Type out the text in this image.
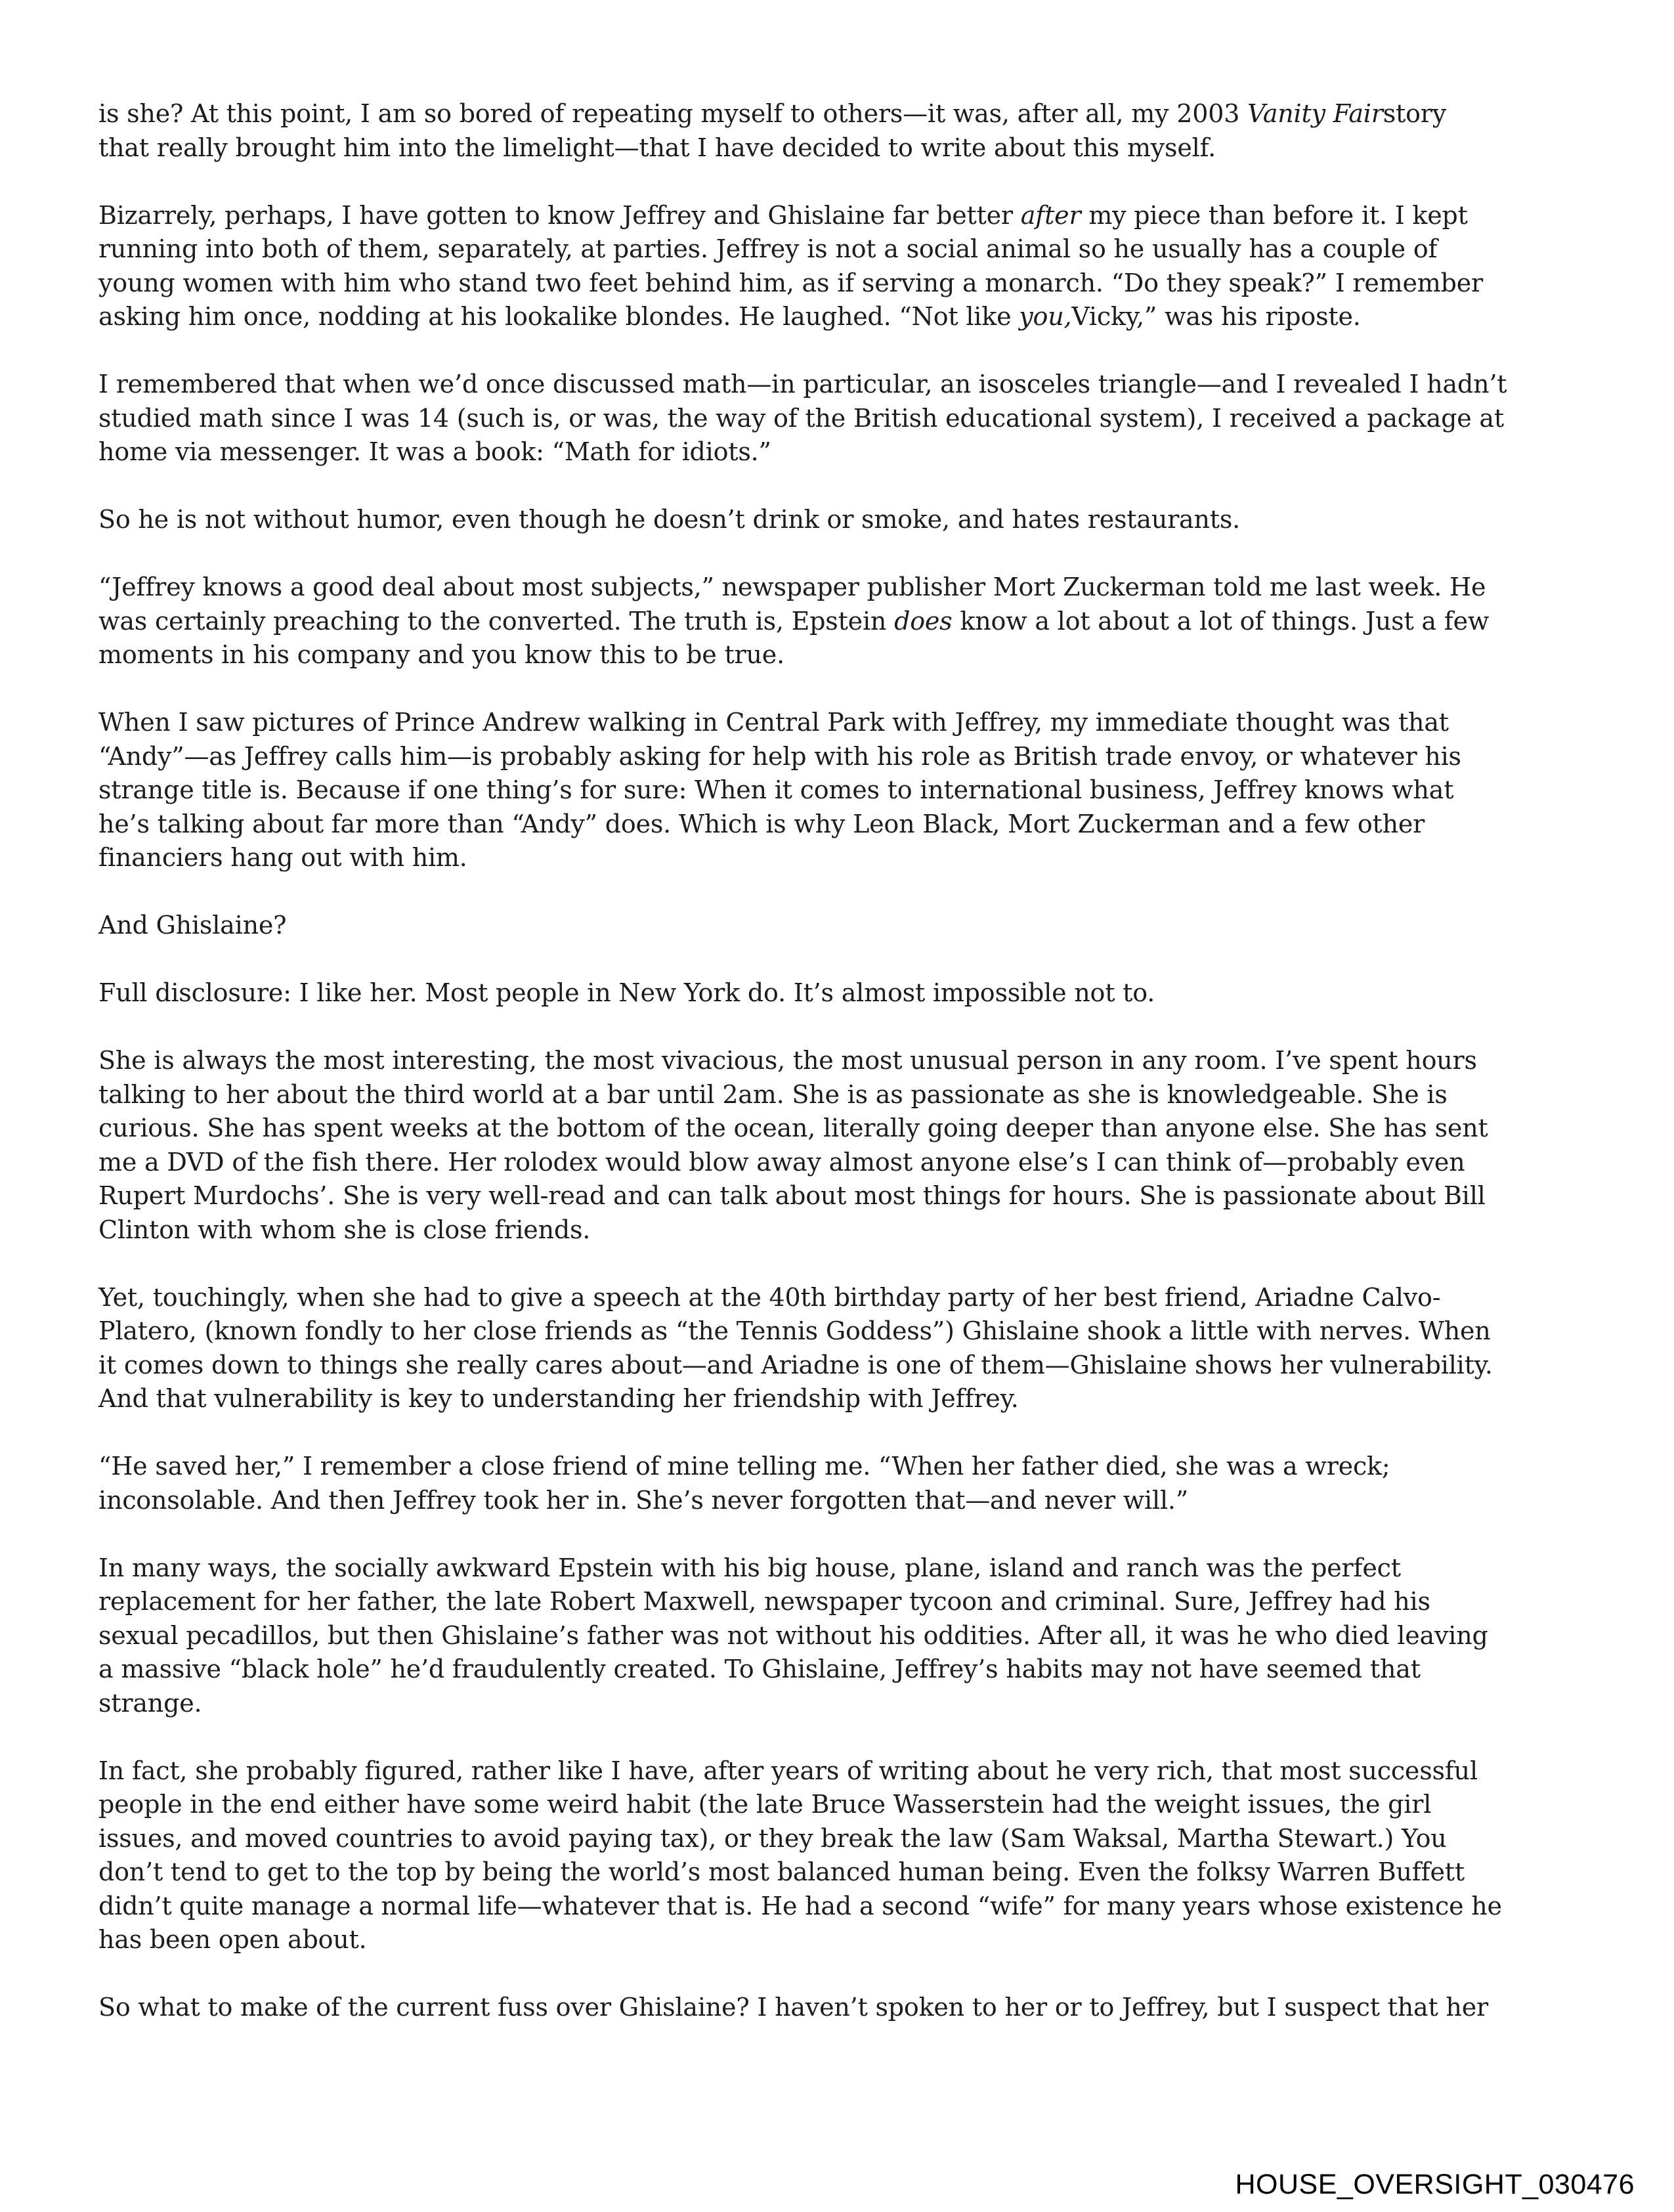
is she? At this point, I am so bored of repeating myself to others—it was, after all, my 2003 Vanity Fairstory
that really brought him into the limelight—that I have decided to write about this myself.

Bizarrely, perhaps, I have gotten to know Jeffrey and Ghislaine far better after my piece than before it. I kept
running into both of them, separately, at parties. Jeffrey is not a social animal so he usually has a couple of
young women with him who stand two feet behind him, as if serving a monarch. “Do they speak?” I remember
asking him once, nodding at his lookalike blondes. He laughed. “Not like you,Vicky,” was his riposte.

I remembered that when we’d once discussed math—in particular, an isosceles triangle—and I revealed I hadn’t
studied math since I was 14 (such is, or was, the way of the British educational system), I received a package at
home via messenger. It was a book: “Math for idiots.”

So he is not without humor, even though he doesn’t drink or smoke, and hates restaurants.

“Jeffrey knows a good deal about most subjects,” newspaper publisher Mort Zuckerman told me last week. He
was certainly preaching to the converted. The truth is, Epstein does know a lot about a lot of things. Just a few
moments in his company and you know this to be true.

When I saw pictures of Prince Andrew walking in Central Park with Jeffrey, my immediate thought was that
“Andy”—as Jeffrey calls him—is probably asking for help with his role as British trade envoy, or whatever his
strange title is. Because if one thing’s for sure: When it comes to international business, Jeffrey knows what
he’s talking about far more than “Andy” does. Which is why Leon Black, Mort Zuckerman and a few other
financiers hang out with him.

And Ghislaine?

Full disclosure: I like her. Most people in New York do. It’s almost impossible not to.

She is always the most interesting, the most vivacious, the most unusual person in any room. I’ve spent hours
talking to her about the third world at a bar until 2am. She is as passionate as she is knowledgeable. She is
curious. She has spent weeks at the bottom of the ocean, literally going deeper than anyone else. She has sent
me a DVD of the fish there. Her rolodex would blow away almost anyone else’s I can think of—probably even
Rupert Murdochs’. She is very well-read and can talk about most things for hours. She is passionate about Bill
Clinton with whom she is close friends.

Yet, touchingly, when she had to give a speech at the 40th birthday party of her best friend, Ariadne Calvo-
Platero, (known fondly to her close friends as “the Tennis Goddess”) Ghislaine shook a little with nerves. When
it comes down to things she really cares about—and Ariadne is one of them—Ghislaine shows her vulnerability.
And that vulnerability is key to understanding her friendship with Jeffrey.

“He saved her,” I remember a close friend of mine telling me. “When her father died, she was a wreck;
inconsolable. And then Jeffrey took her in. She’s never forgotten that—and never will.”

In many ways, the socially awkward Epstein with his big house, plane, island and ranch was the perfect
replacement for her father, the late Robert Maxwell, newspaper tycoon and criminal. Sure, Jeffrey had his
sexual pecadillos, but then Ghislaine’s father was not without his oddities. After all, it was he who died leaving
a massive “black hole” he’d fraudulently created. To Ghislaine, Jeffrey’s habits may not have seemed that
strange.

In fact, she probably figured, rather like I have, after years of writing about he very rich, that most successful
people in the end either have some weird habit (the late Bruce Wasserstein had the weight issues, the girl
issues, and moved countries to avoid paying tax), or they break the law (Sam Waksal, Martha Stewart.) You
don’t tend to get to the top by being the world’s most balanced human being. Even the folksy Warren Buffett
didn’t quite manage a normal life—whatever that is. He had a second “wife” for many years whose existence he
has been open about.

So what to make of the current fuss over Ghislaine? I haven’t spoken to her or to Jeffrey, but I suspect that her

HOUSE_OVERSIGHT_030476
